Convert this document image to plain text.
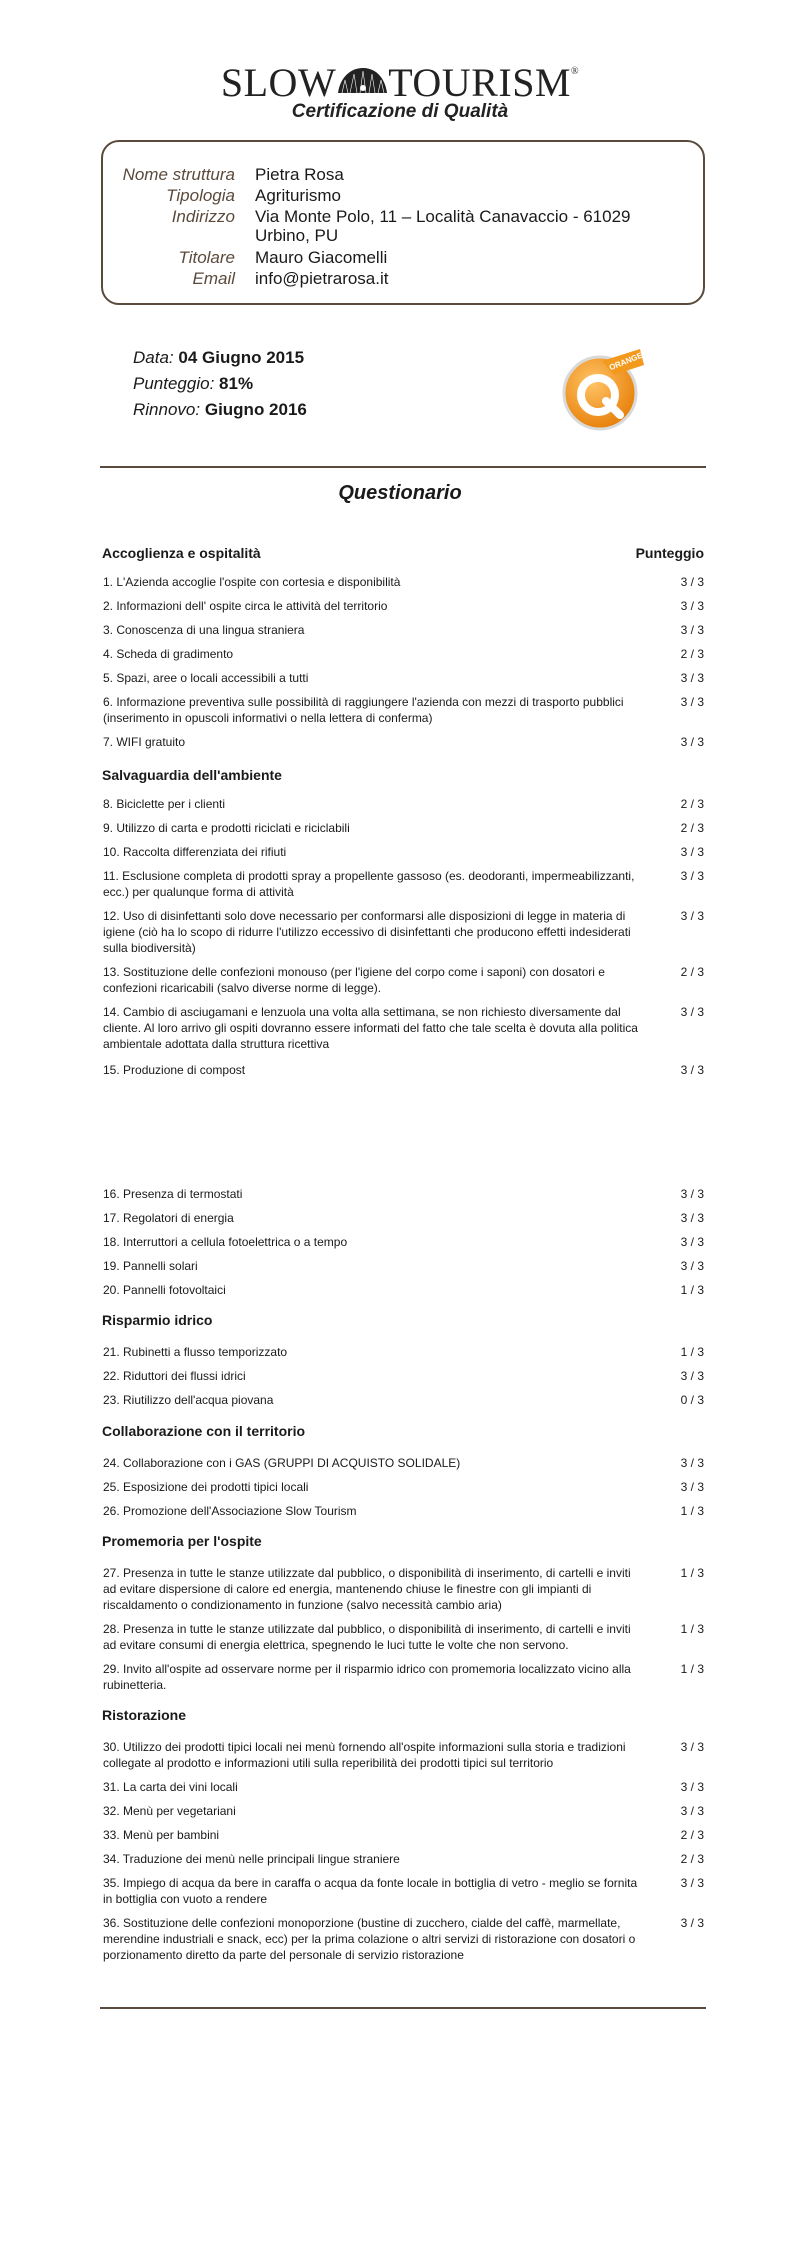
SLOW TOURISM®
Certificazione di Qualità
Nome struttura Pietra Rosa
Tipologia Agriturismo
Indirizzo Via Monte Polo, 11 – Località Canavaccio - 61029 Urbino, PU
Titolare Mauro Giacomelli
Email info@pietrarosa.it
Data: 04 Giugno 2015
Punteggio: 81%
Rinnovo: Giugno 2016
ORANGE
Questionario
Accoglienza e ospitalità	Punteggio
Salvaguardia dell'ambiente
Risparmio idrico
Collaborazione con il territorio
Promemoria per l'ospite
Ristorazione
1. L'Azienda accoglie l'ospite con cortesia e disponibilità	3 / 3
2. Informazioni dell' ospite circa le attività del territorio	3 / 3
3. Conoscenza di una lingua straniera	3 / 3
4. Scheda di gradimento	2 / 3
5. Spazi, aree o locali accessibili a tutti	3 / 3
6. Informazione preventiva sulle possibilità di raggiungere l'azienda con mezzi di trasporto pubblici (inserimento in opuscoli informativi o nella lettera di conferma)
3 / 3
7. WIFI gratuito	3 / 3
8. Biciclette per i clienti	2 / 3
9. Utilizzo di carta e prodotti riciclati e riciclabili	2 / 3
10. Raccolta differenziata dei rifiuti	3 / 3
11. Esclusione completa di prodotti spray a propellente gassoso (es. deodoranti, impermeabilizzanti, ecc.) per qualunque forma di attività
3 / 3
12. Uso di disinfettanti solo dove necessario per conformarsi alle disposizioni di legge in materia di igiene (ciò ha lo scopo di ridurre l'utilizzo eccessivo di disinfettanti che producono effetti indesiderati sulla biodiversità)
3 / 3
13. Sostituzione delle confezioni monouso (per l'igiene del corpo come i saponi) con dosatori e confezioni ricaricabili (salvo diverse norme di legge).
2 / 3
14. Cambio di asciugamani e lenzuola una volta alla settimana, se non richiesto diversamente dal cliente. Al loro arrivo gli ospiti dovranno essere informati del fatto che tale scelta è dovuta alla politica ambientale adottata dalla struttura ricettiva
3 / 3
15. Produzione di compost	3 / 3
16. Presenza di termostati	3 / 3
17. Regolatori di energia	3 / 3
18. Interruttori a cellula fotoelettrica o a tempo	3 / 3
19. Pannelli solari	3 / 3
20. Pannelli fotovoltaici	1 / 3
21. Rubinetti a flusso temporizzato	1 / 3
22. Riduttori dei flussi idrici	3 / 3
23. Riutilizzo dell'acqua piovana	0 / 3
24. Collaborazione con i GAS (GRUPPI DI ACQUISTO SOLIDALE)	3 / 3
25. Esposizione dei prodotti tipici locali	3 / 3
26. Promozione dell'Associazione Slow Tourism	1 / 3
27. Presenza in tutte le stanze utilizzate dal pubblico, o disponibilità di inserimento, di cartelli e inviti ad evitare dispersione di calore ed energia, mantenendo chiuse le finestre con gli impianti di riscaldamento o condizionamento in funzione (salvo necessità cambio aria)
1 / 3
28. Presenza in tutte le stanze utilizzate dal pubblico, o disponibilità di inserimento, di cartelli e inviti ad evitare consumi di energia elettrica, spegnendo le luci tutte le volte che non servono.
1 / 3
29. Invito all'ospite ad osservare norme per il risparmio idrico con promemoria localizzato vicino alla rubinetteria.
1 / 3
30. Utilizzo dei prodotti tipici locali nei menù fornendo all'ospite informazioni sulla storia e tradizioni collegate al prodotto e informazioni utili sulla reperibilità dei prodotti tipici sul territorio
3 / 3
31. La carta dei vini locali	3 / 3
32. Menù per vegetariani	3 / 3
33. Menù per bambini	2 / 3
34. Traduzione dei menù nelle principali lingue straniere	2 / 3
35. Impiego di acqua da bere in caraffa o acqua da fonte locale in bottiglia di vetro - meglio se fornita in bottiglia con vuoto a rendere
3 / 3
36. Sostituzione delle confezioni monoporzione (bustine di zucchero, cialde del caffè, marmellate, merendine industriali e snack, ecc) per la prima colazione o altri servizi di ristorazione con dosatori o porzionamento diretto da parte del personale di servizio ristorazione
3 / 3
